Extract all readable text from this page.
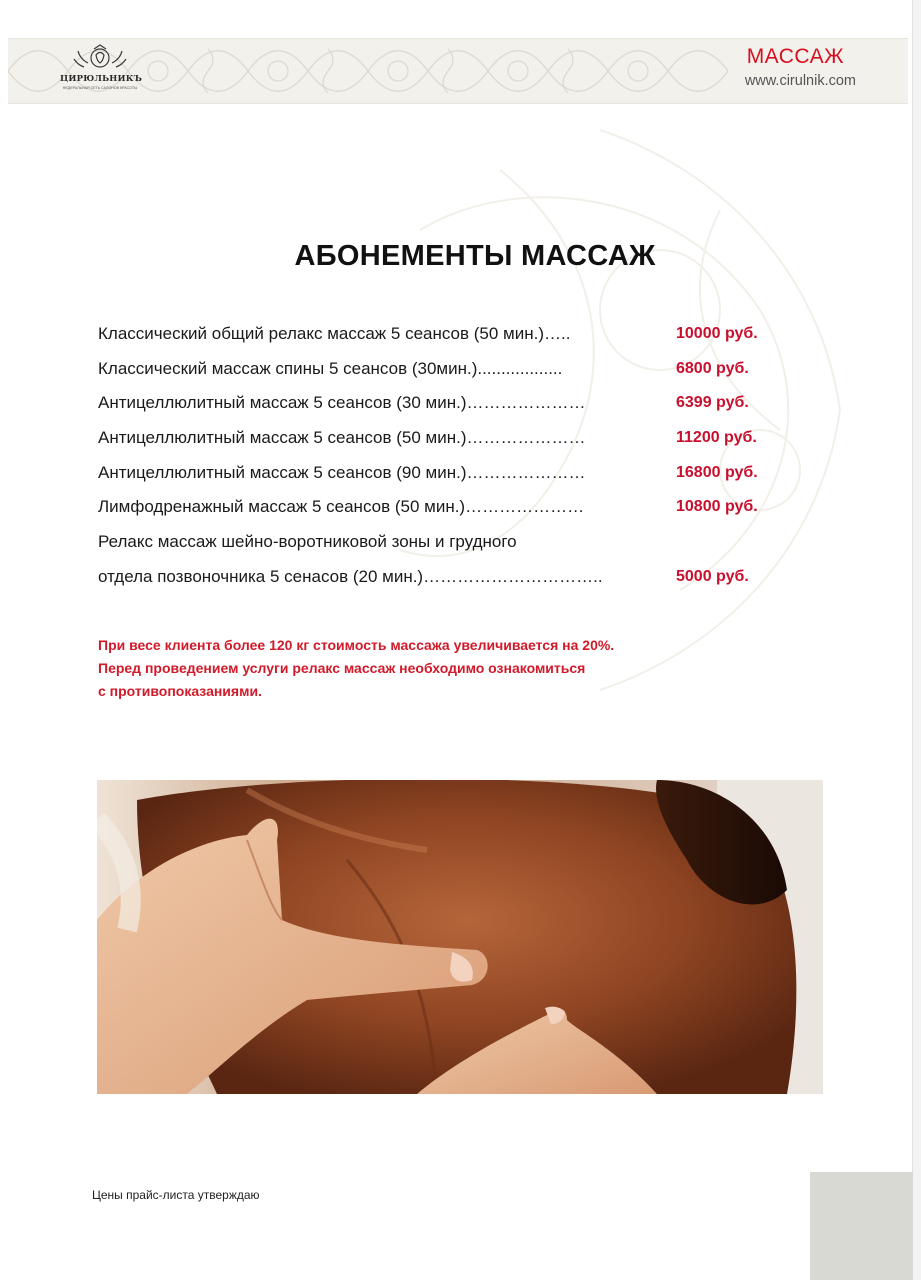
ЦИРЮЛЬНИКЪ
ФЕДЕРАЛЬНАЯ СЕТЬ САЛОНОВ КРАСОТЫ
МАССАЖ
www.cirulnik.com
АБОНЕМЕНТЫ МАССАЖ
Классический общий релакс массаж 5 сеансов (50 мин.)…..	10000 руб.
Классический массаж спины 5 сеансов (30мин.)..................	6800 руб.
Антицеллюлитный массаж 5 сеансов (30 мин.)…………………	6399 руб.
Антицеллюлитный массаж 5 сеансов (50 мин.)…………………	11200 руб.
Антицеллюлитный массаж 5 сеансов (90 мин.)…………………	16800 руб.
Лимфодренажный массаж 5 сеансов (50 мин.)…………………	10800 руб.
Релакс массаж шейно-воротниковой зоны и грудного
отдела позвоночника 5 сенасов (20 мин.)…………………………..	5000 руб.
При весе клиента более 120 кг стоимость массажа увеличивается на 20%.
Перед проведением услуги релакс массаж необходимо ознакомиться
с противопоказаниями.
Цены прайс-листа утверждаю
